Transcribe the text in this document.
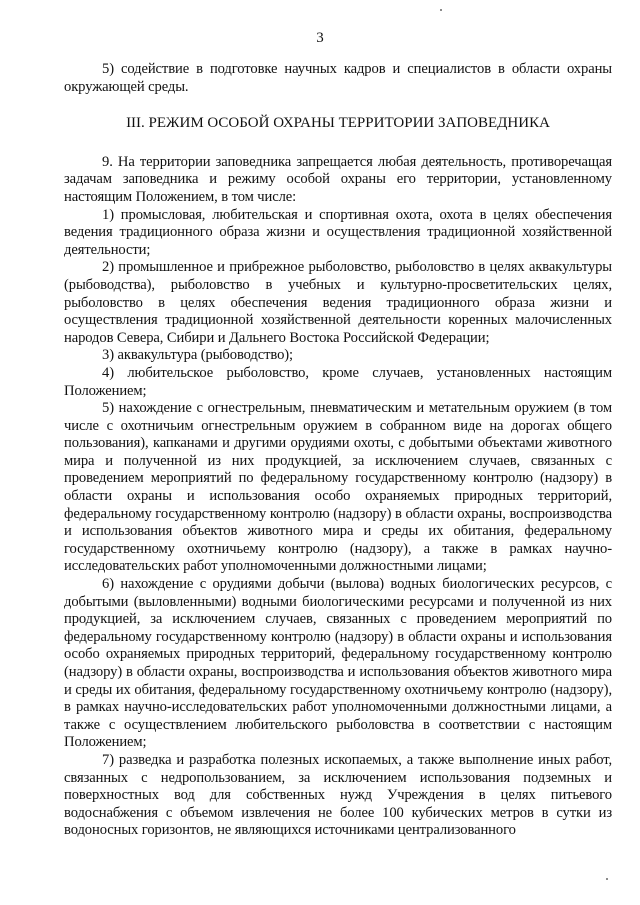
3

5) содействие в подготовке научных кадров и специалистов в области охраны окружающей среды.

III. РЕЖИМ ОСОБОЙ ОХРАНЫ ТЕРРИТОРИИ ЗАПОВЕДНИКА

9. На территории заповедника запрещается любая деятельность, противоречащая задачам заповедника и режиму особой охраны его территории, установленному настоящим Положением, в том числе:

1) промысловая, любительская и спортивная охота, охота в целях обеспечения ведения традиционного образа жизни и осуществления традиционной хозяйственной деятельности;

2) промышленное и прибрежное рыболовство, рыболовство в целях аквакультуры (рыбоводства), рыболовство в учебных и культурно-просветительских целях, рыболовство в целях обеспечения ведения традиционного образа жизни и осуществления традиционной хозяйственной деятельности коренных малочисленных народов Севера, Сибири и Дальнего Востока Российской Федерации;

3) аквакультура (рыбоводство);

4) любительское рыболовство, кроме случаев, установленных настоящим Положением;

5) нахождение с огнестрельным, пневматическим и метательным оружием (в том числе с охотничьим огнестрельным оружием в собранном виде на дорогах общего пользования), капканами и другими орудиями охоты, с добытыми объектами животного мира и полученной из них продукцией, за исключением случаев, связанных с проведением мероприятий по федеральному государственному контролю (надзору) в области охраны и использования особо охраняемых природных территорий, федеральному государственному контролю (надзору) в области охраны, воспроизводства и использования объектов животного мира и среды их обитания, федеральному государственному охотничьему контролю (надзору), а также в рамках научно-исследовательских работ уполномоченными должностными лицами;

6) нахождение с орудиями добычи (вылова) водных биологических ресурсов, с добытыми (выловленными) водными биологическими ресурсами и полученной из них продукцией, за исключением случаев, связанных с проведением мероприятий по федеральному государственному контролю (надзору) в области охраны и использования особо охраняемых природных территорий, федеральному государственному контролю (надзору) в области охраны, воспроизводства и использования объектов животного мира и среды их обитания, федеральному государственному охотничьему контролю (надзору), в рамках научно-исследовательских работ уполномоченными должностными лицами, а также с осуществлением любительского рыболовства в соответствии с настоящим Положением;

7) разведка и разработка полезных ископаемых, а также выполнение иных работ, связанных с недропользованием, за исключением использования подземных и поверхностных вод для собственных нужд Учреждения в целях питьевого водоснабжения с объемом извлечения не более 100 кубических метров в сутки из водоносных горизонтов, не являющихся источниками централизованного
